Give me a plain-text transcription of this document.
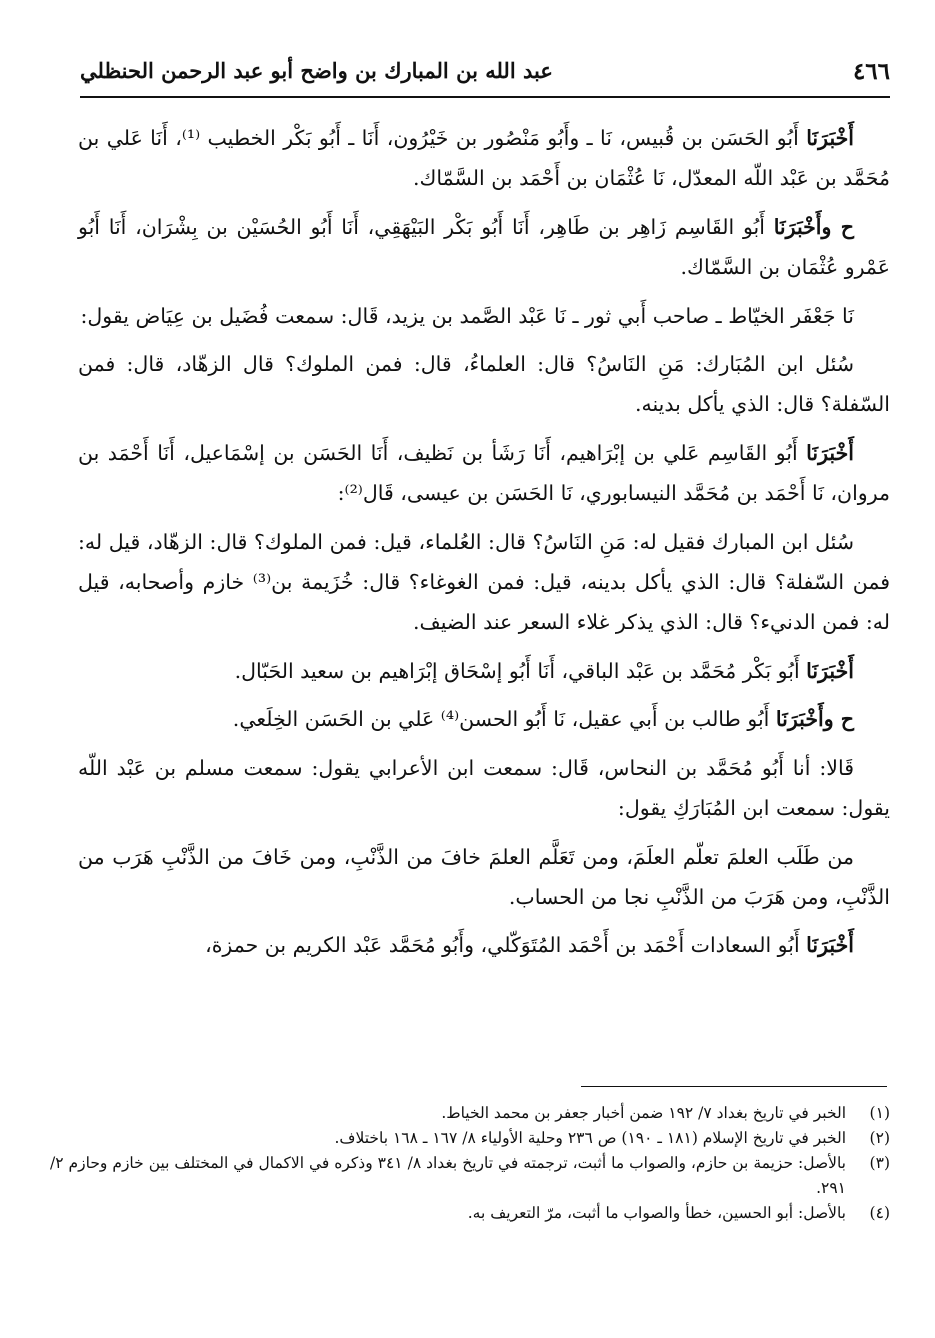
٤٦٦
عبد الله بن المبارك بن واضح أبو عبد الرحمن الحنظلي

أَخْبَرَنَا أَبُو الحَسَن بن قُبيس، نَا ـ وأَبُو مَنْصُور بن خَيْرُون، أَنَا ـ أَبُو بَكْر الخطيب ⁽¹⁾، أَنَا عَلي بن مُحَمَّد بن عَبْد اللّه المعدّل، نَا عُثْمَان بن أَحْمَد بن السَّمّاك.

ح وأَخْبَرَنَا أَبُو القَاسِم زَاهِر بن طَاهِر، أَنَا أَبُو بَكْر البَيْهَقِي، أَنَا أَبُو الحُسَيْن بن بِشْرَان، أَنَا أَبُو عَمْرو عُثْمَان بن السَّمّاك.

نَا جَعْفَر الخيّاط ـ صاحب أَبي ثور ـ نَا عَبْد الصَّمد بن يزيد، قَال: سمعت فُضَيل بن عِيَاض يقول:

سُئل ابن المُبَارك: مَنِ النَاسُ؟ قال: العلماءُ، قال: فمن الملوك؟ قال الزهّاد، قال: فمن السّفلة؟ قال: الذي يأكل بدينه.

أَخْبَرَنَا أَبُو القَاسِم عَلي بن إبْرَاهيم، أَنَا رَشَأ بن نَظيف، أَنَا الحَسَن بن إسْمَاعيل، أَنَا أَحْمَد بن مروان، نَا أَحْمَد بن مُحَمَّد النيسابوري، نَا الحَسَن بن عيسى، قَال⁽²⁾:

سُئل ابن المبارك فقيل له: مَنِ النَاسُ؟ قال: العُلماء، قيل: فمن الملوك؟ قال: الزهّاد، قيل له: فمن السّفلة؟ قال: الذي يأكل بدينه، قيل: فمن الغوغاء؟ قال: خُزَيمة بن⁽³⁾ خازم وأصحابه، قيل له: فمن الدنيء؟ قال: الذي يذكر غلاء السعر عند الضيف.

أَخْبَرَنَا أَبُو بَكْر مُحَمَّد بن عَبْد الباقي، أَنَا أَبُو إسْحَاق إبْرَاهيم بن سعيد الحَبّال.

ح وأَخْبَرَنَا أَبُو طالب بن أَبي عقيل، نَا أَبُو الحسن⁽⁴⁾ عَلي بن الحَسَن الخِلَعي.

قَالا: أنا أَبُو مُحَمَّد بن النحاس، قَال: سمعت ابن الأعرابي يقول: سمعت مسلم بن عَبْد اللّه يقول: سمعت ابن المُبَارَكِ يقول:

من طَلَب العلمَ تعلّم العلَمَ، ومن تَعَلَّم العلمَ خافَ من الذَّنْبِ، ومن خَافَ من الذَّنْبِ هَرَب من الذَّنْبِ، ومن هَرَبَ من الذَّنْبِ نجا من الحساب.

أَخْبَرَنَا أَبُو السعادات أَحْمَد بن أَحْمَد المُتَوَكّلي، وأَبُو مُحَمَّد عَبْد الكريم بن حمزة،

(١)
الخبر في تاريخ بغداد ٧/ ١٩٢ ضمن أخبار جعفر بن محمد الخياط.
(٢)
الخبر في تاريخ الإسلام (١٨١ ـ ١٩٠) ص ٢٣٦ وحلية الأولياء ٨/ ١٦٧ ـ ١٦٨ باختلاف.
(٣)
بالأصل: حزيمة بن حازم، والصواب ما أثبت، ترجمته في تاريخ بغداد ٨/ ٣٤١ وذكره في الاكمال في المختلف بين خازم وحازم ٢/ ٢٩١.
(٤)
بالأصل: أبو الحسين، خطأ والصواب ما أثبت، مرّ التعريف به.
